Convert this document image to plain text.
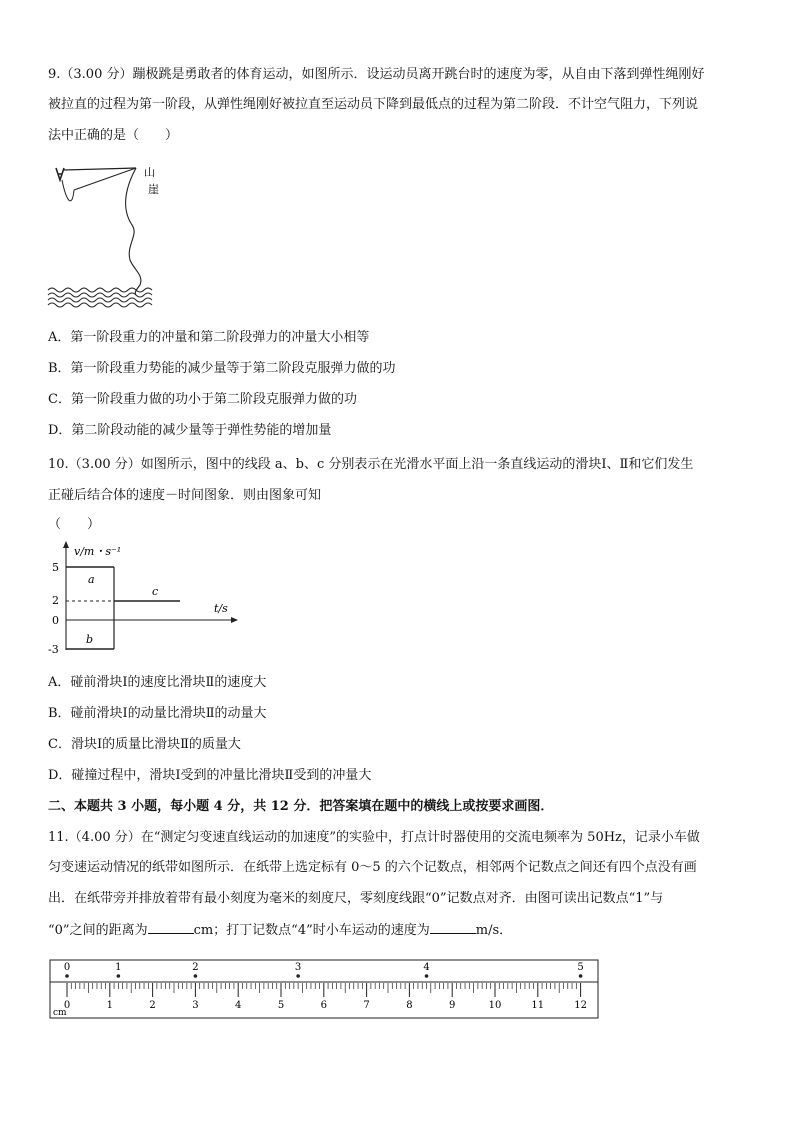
9.（3.00 分）蹦极跳是勇敢者的体育运动，如图所示．设运动员离开跳台时的速度为零，从自由下落到弹性绳刚好
被拉直的过程为第一阶段，从弹性绳刚好被拉直至运动员下降到最低点的过程为第二阶段．不计空气阻力，下列说
法中正确的是（　　）
山
崖
A．第一阶段重力的冲量和第二阶段弹力的冲量大小相等
B．第一阶段重力势能的减少量等于第二阶段克服弹力做的功
C．第一阶段重力做的功小于第二阶段克服弹力做的功
D．第二阶段动能的减少量等于弹性势能的增加量
10.（3.00 分）如图所示，图中的线段 a、b、c 分别表示在光滑水平面上沿一条直线运动的滑块Ⅰ、Ⅱ和它们发生
正碰后结合体的速度－时间图象．则由图象可知
（　　）
v/m・s⁻¹
t/s
5
2
0
-3
a
b
c
A．碰前滑块Ⅰ的速度比滑块Ⅱ的速度大
B．碰前滑块Ⅰ的动量比滑块Ⅱ的动量大
C．滑块Ⅰ的质量比滑块Ⅱ的质量大
D．碰撞过程中，滑块Ⅰ受到的冲量比滑块Ⅱ受到的冲量大
二、本题共 3 小题，每小题 4 分，共 12 分．把答案填在题中的横线上或按要求画图．
11.（4.00 分）在“测定匀变速直线运动的加速度”的实验中，打点计时器使用的交流电频率为 50Hz，记录小车做
匀变速运动情况的纸带如图所示．在纸带上选定标有 0～5 的六个记数点，相邻两个记数点之间还有四个点没有画
出．在纸带旁并排放着带有最小刻度为毫米的刻度尺，零刻度线跟“0”记数点对齐．由图可读出记数点“1”与
“0”之间的距离为	cm；打丁记数点“4”时小车运动的速度为	m/s．
cm
0	1	2	3	4	5	6	7	8	9	10	11	12
0	1	2	3	4	5
